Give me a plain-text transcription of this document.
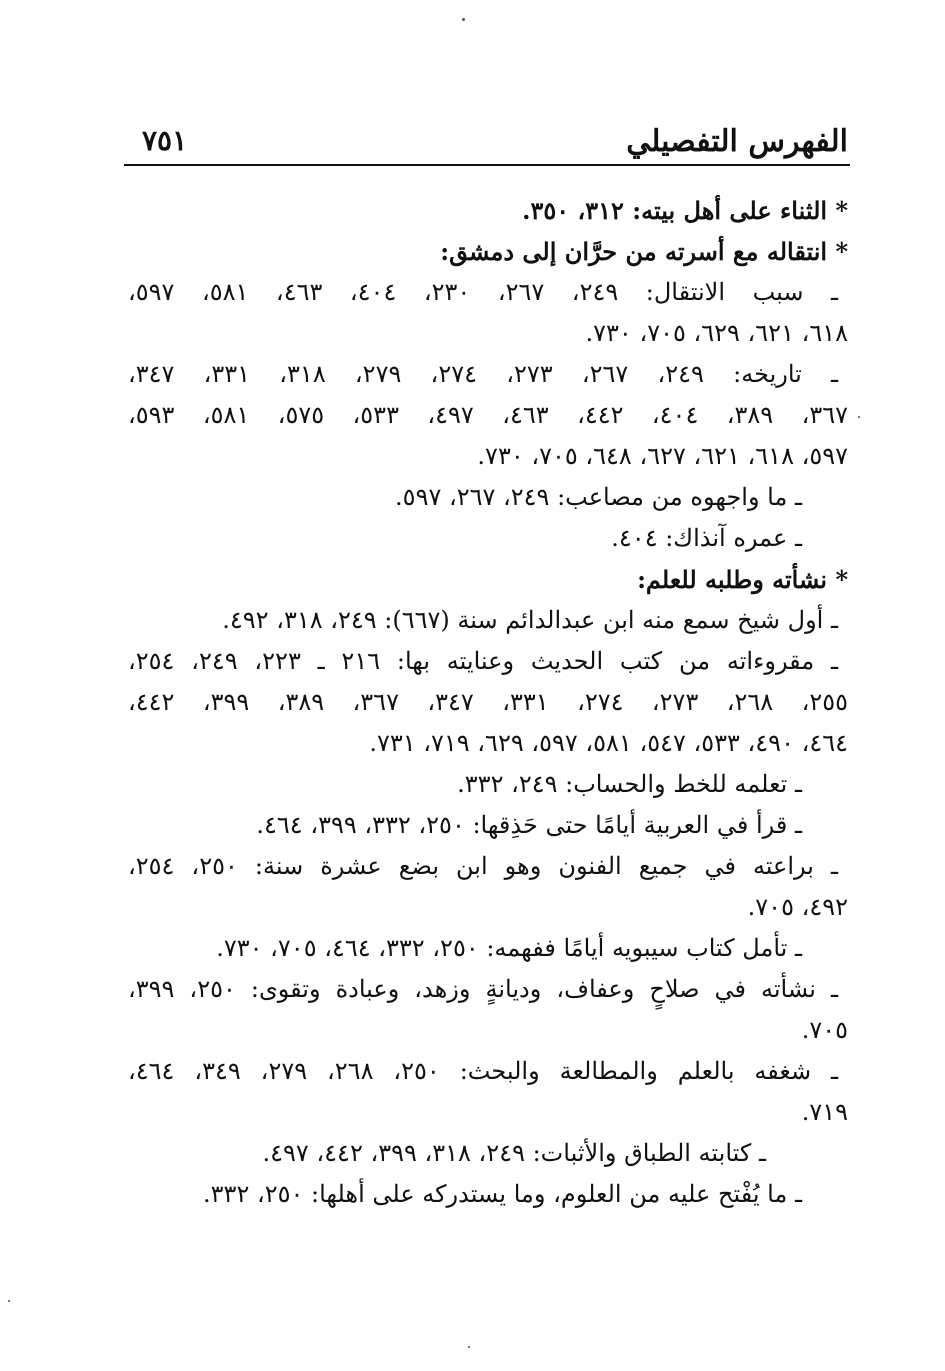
الفهرس التفصيلي
٧٥١
* الثناء على أهل بيته: ٣١٢، ٣٥٠.
* انتقاله مع أسرته من حرَّان إلى دمشق:
ـ سبب الانتقال: ٢٤٩، ٢٦٧، ٢٣٠، ٤٠٤، ٤٦٣، ٥٨١، ٥٩٧،
٦١٨، ٦٢١، ٦٢٩، ٧٠٥، ٧٣٠.
ـ تاريخه: ٢٤٩، ٢٦٧، ٢٧٣، ٢٧٤، ٢٧٩، ٣١٨، ٣٣١، ٣٤٧،
٣٦٧، ٣٨٩، ٤٠٤، ٤٤٢، ٤٦٣، ٤٩٧، ٥٣٣، ٥٧٥، ٥٨١، ٥٩٣،
٥٩٧، ٦١٨، ٦٢١، ٦٢٧، ٦٤٨، ٧٠٥، ٧٣٠.
ـ ما واجهوه من مصاعب: ٢٤٩، ٢٦٧، ٥٩٧.
ـ عمره آنذاك: ٤٠٤.
* نشأته وطلبه للعلم:
ـ أول شيخ سمع منه ابن عبدالدائم سنة (٦٦٧): ٢٤٩، ٣١٨، ٤٩٢.
ـ مقروءاته من كتب الحديث وعنايته بها: ٢١٦ ـ ٢٢٣، ٢٤٩، ٢٥٤،
٢٥٥، ٢٦٨، ٢٧٣، ٢٧٤، ٣٣١، ٣٤٧، ٣٦٧، ٣٨٩، ٣٩٩، ٤٤٢،
٤٦٤، ٤٩٠، ٥٣٣، ٥٤٧، ٥٨١، ٥٩٧، ٦٢٩، ٧١٩، ٧٣١.
ـ تعلمه للخط والحساب: ٢٤٩، ٣٣٢.
ـ قرأ في العربية أيامًا حتى حَذِقها: ٢٥٠، ٣٣٢، ٣٩٩، ٤٦٤.
ـ براعته في جميع الفنون وهو ابن بضع عشرة سنة: ٢٥٠، ٢٥٤،
٤٩٢، ٧٠٥.
ـ تأمل كتاب سيبويه أيامًا ففهمه: ٢٥٠، ٣٣٢، ٤٦٤، ٧٠٥، ٧٣٠.
ـ نشأته في صلاحٍ وعفاف، وديانةٍ وزهد، وعبادة وتقوى: ٢٥٠، ٣٩٩،
٧٠٥.
ـ شغفه بالعلم والمطالعة والبحث: ٢٥٠، ٢٦٨، ٢٧٩، ٣٤٩، ٤٦٤،
٧١٩.
ـ كتابته الطباق والأثبات: ٢٤٩، ٣١٨، ٣٩٩، ٤٤٢، ٤٩٧.
ـ ما يُفْتح عليه من العلوم، وما يستدركه على أهلها: ٢٥٠، ٣٣٢.
